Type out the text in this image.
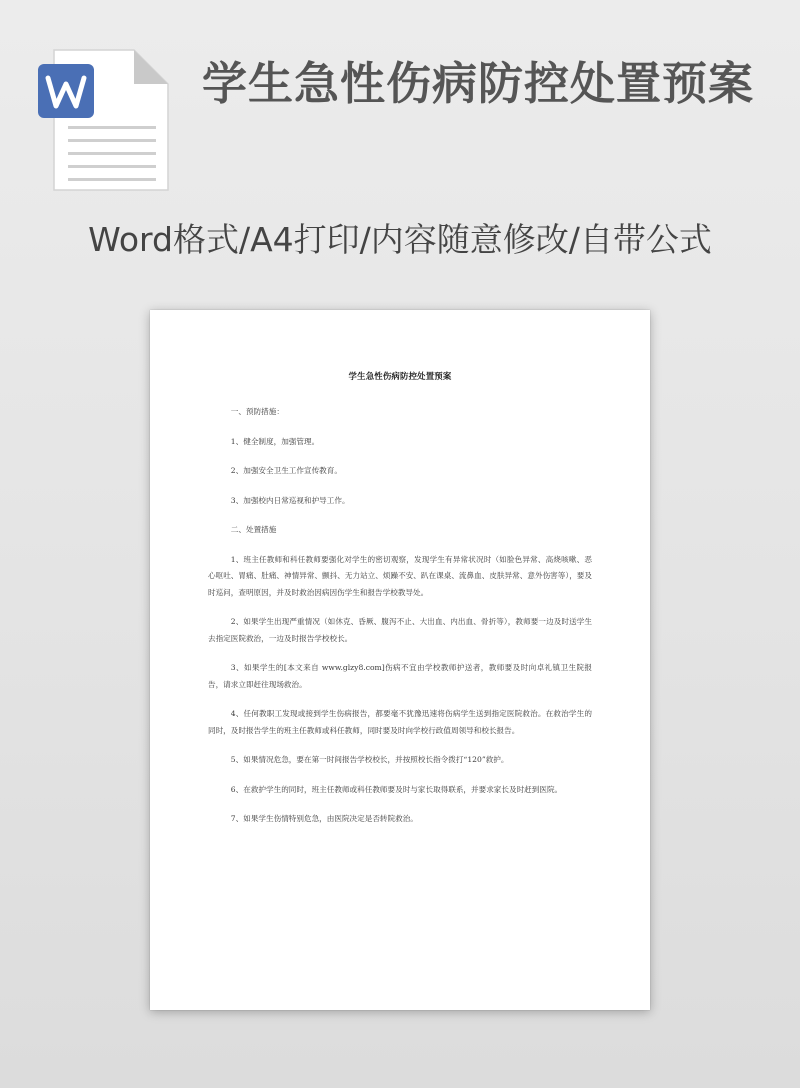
学生急性伤病防控处置预案
Word格式/A4打印/内容随意修改/自带公式
学生急性伤病防控处置预案
一、预防措施：
1、健全制度，加强管理。
2、加强安全卫生工作宣传教育。
3、加强校内日常巡视和护导工作。
二、处置措施
1、班主任教师和科任教师要强化对学生的密切观察，发现学生有异常状况时（如脸色异常、高烧咳嗽、恶心呕吐、胃痛、肚痛、神情异常、颤抖、无力站立、烦躁不安、趴在课桌、流鼻血、皮肤异常、意外伤害等），要及时巡问，查明原因，并及时救治因病因伤学生和报告学校教导处。
2、如果学生出现严重情况（如休克、昏厥、腹泻不止、大出血、内出血、骨折等），教师要一边及时送学生去指定医院救治，一边及时报告学校校长。
3、如果学生的[本文来自 www.glzy8.com]伤病不宜由学校教师护送者，教师要及时向卓礼镇卫生院报告，请求立即赶往现场救治。
4、任何教职工发现或接到学生伤病报告，都要毫不犹豫迅速将伤病学生送到指定医院救治。在救治学生的同时，及时报告学生的班主任教师或科任教师，同时要及时向学校行政值周领导和校长报告。
5、如果情况危急，要在第一时间报告学校校长，并按照校长指令拨打“120”救护。
6、在救护学生的同时，班主任教师或科任教师要及时与家长取得联系，并要求家长及时赶到医院。
7、如果学生伤情特别危急，由医院决定是否转院救治。
